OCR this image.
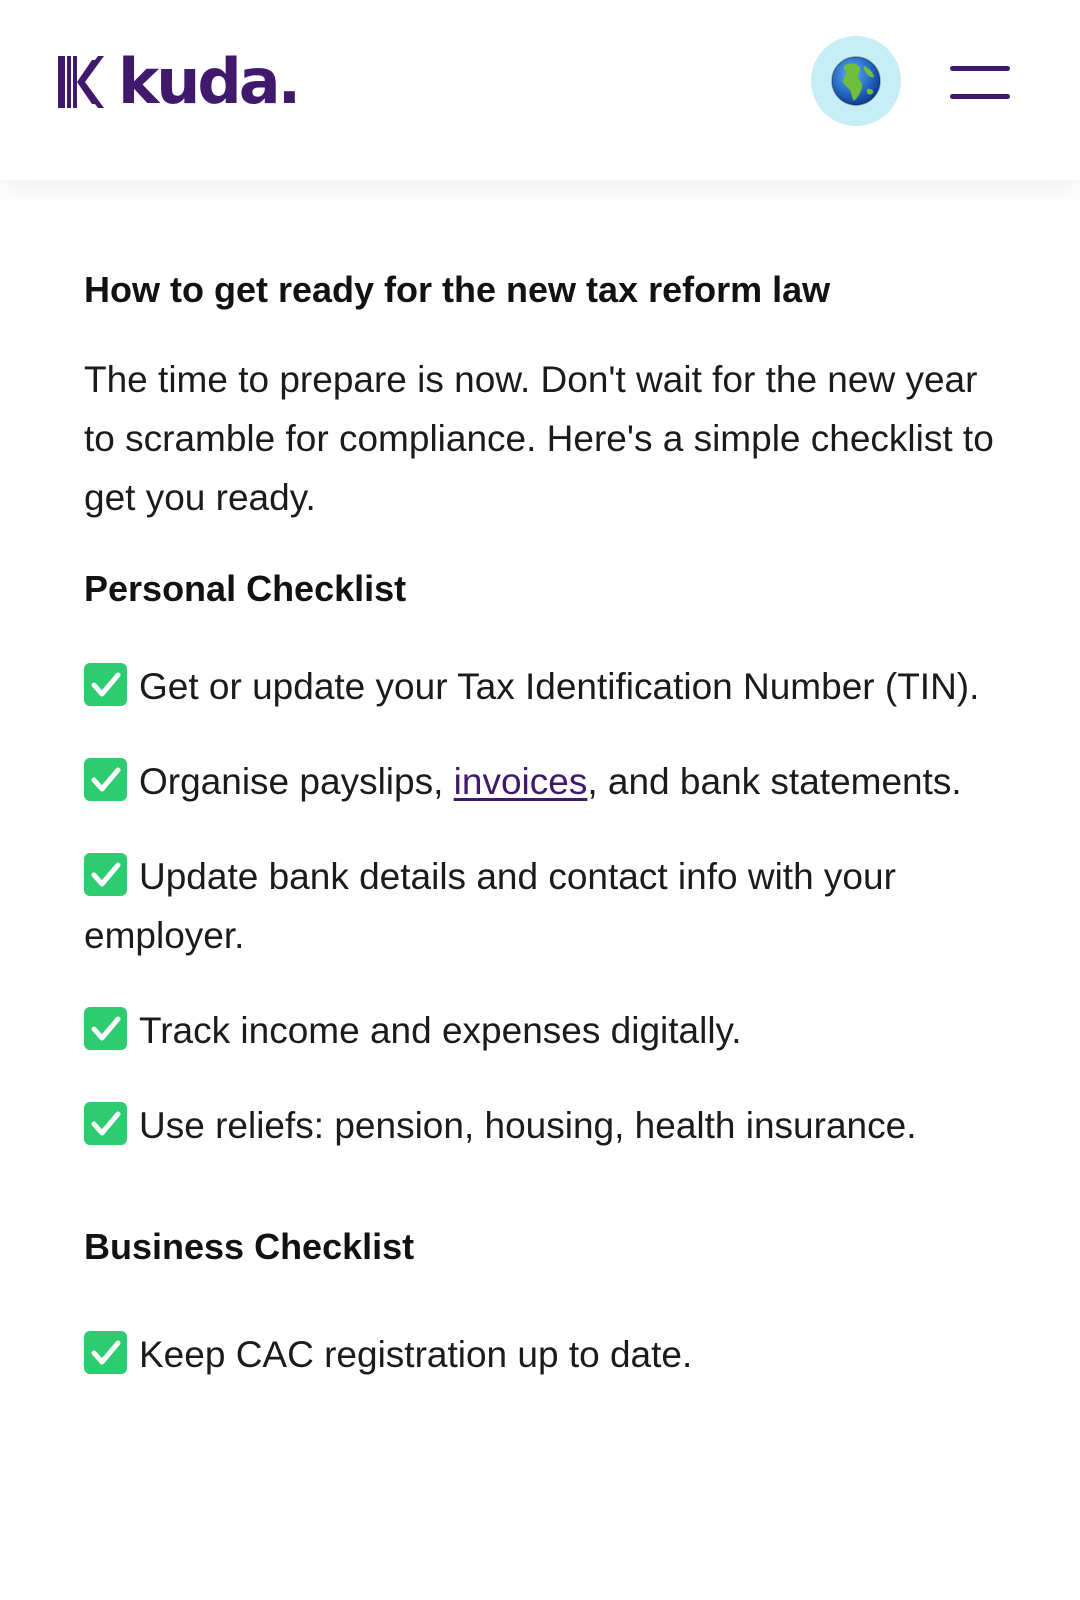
kuda.
How to get ready for the new tax reform law

The time to prepare is now. Don't wait for the new year to scramble for compliance. Here's a simple checklist to get you ready.

Personal Checklist

Get or update your Tax Identification Number (TIN).

Organise payslips, invoices, and bank statements.

Update bank details and contact info with your employer.

Track income and expenses digitally.

Use reliefs: pension, housing, health insurance.

Business Checklist

Keep CAC registration up to date.
